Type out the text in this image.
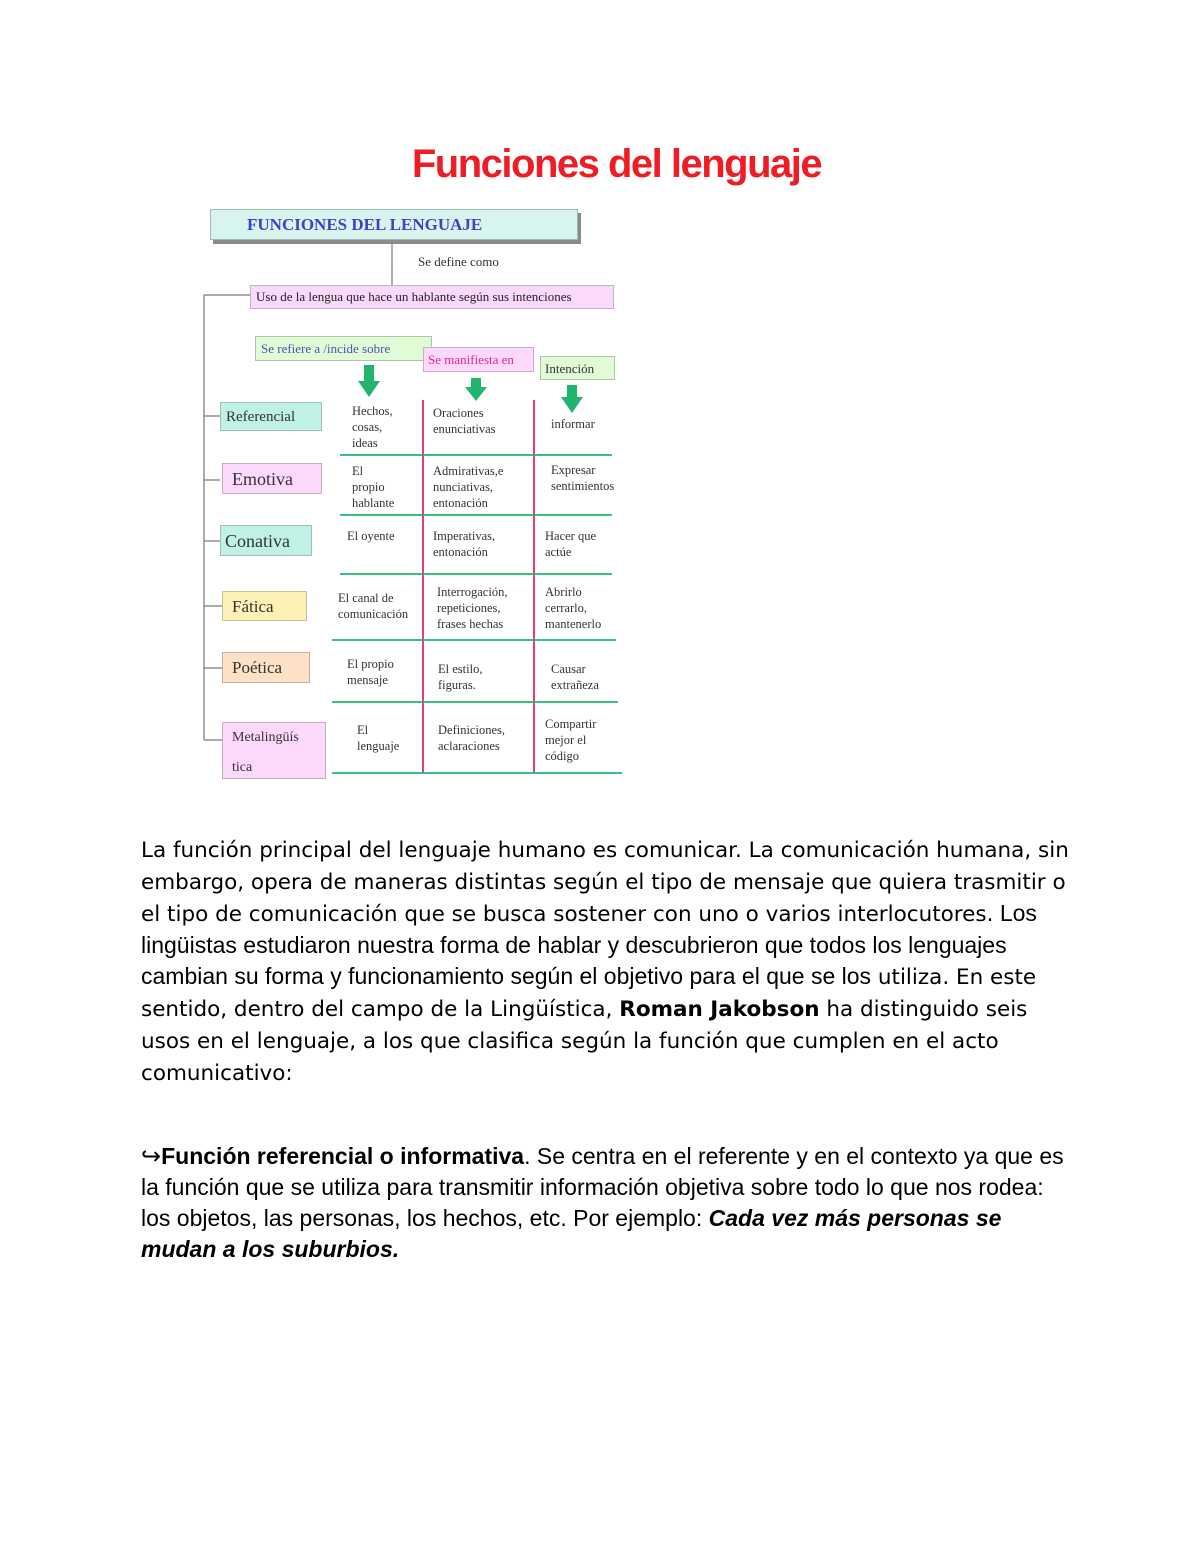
Funciones del lenguaje
FUNCIONES DEL LENGUAJE
Se define como
Uso de la lengua que hace un hablante según sus intenciones
Se refiere a /incide sobre
Se manifiesta en
Intención
Referencial
Emotiva
Conativa
Fática
Poética
Metalingüís
tica
Hechos,
cosas,
ideas
El
propio
hablante
El oyente
El canal de
comunicación
El propio
mensaje
El
lenguaje
Oraciones
enunciativas
Admirativas,e
nunciativas,
entonación
Imperativas,
entonación
Interrogación,
repeticiones,
frases hechas
El estilo,
figuras.
Definiciones,
aclaraciones
informar
Expresar
sentimientos
Hacer que
actúe
Abrirlo
cerrarlo,
mantenerlo
Causar
extrañeza
Compartir
mejor el
código
La función principal del lenguaje humano es comunicar. La comunicación humana, sin embargo, opera de maneras distintas según el tipo de mensaje que quiera trasmitir o el tipo de comunicación que se busca sostener con uno o varios interlocutores. Los lingüistas estudiaron nuestra forma de hablar y descubrieron que todos los lenguajes cambian su forma y funcionamiento según el objetivo para el que se los utiliza. En este sentido, dentro del campo de la Lingüística, Roman Jakobson ha distinguido seis usos en el lenguaje, a los que clasifica según la función que cumplen en el acto comunicativo:
↪Función referencial o informativa. Se centra en el referente y en el contexto ya que es la función que se utiliza para transmitir información objetiva sobre todo lo que nos rodea: los objetos, las personas, los hechos, etc. Por ejemplo: Cada vez más personas se mudan a los suburbios.
